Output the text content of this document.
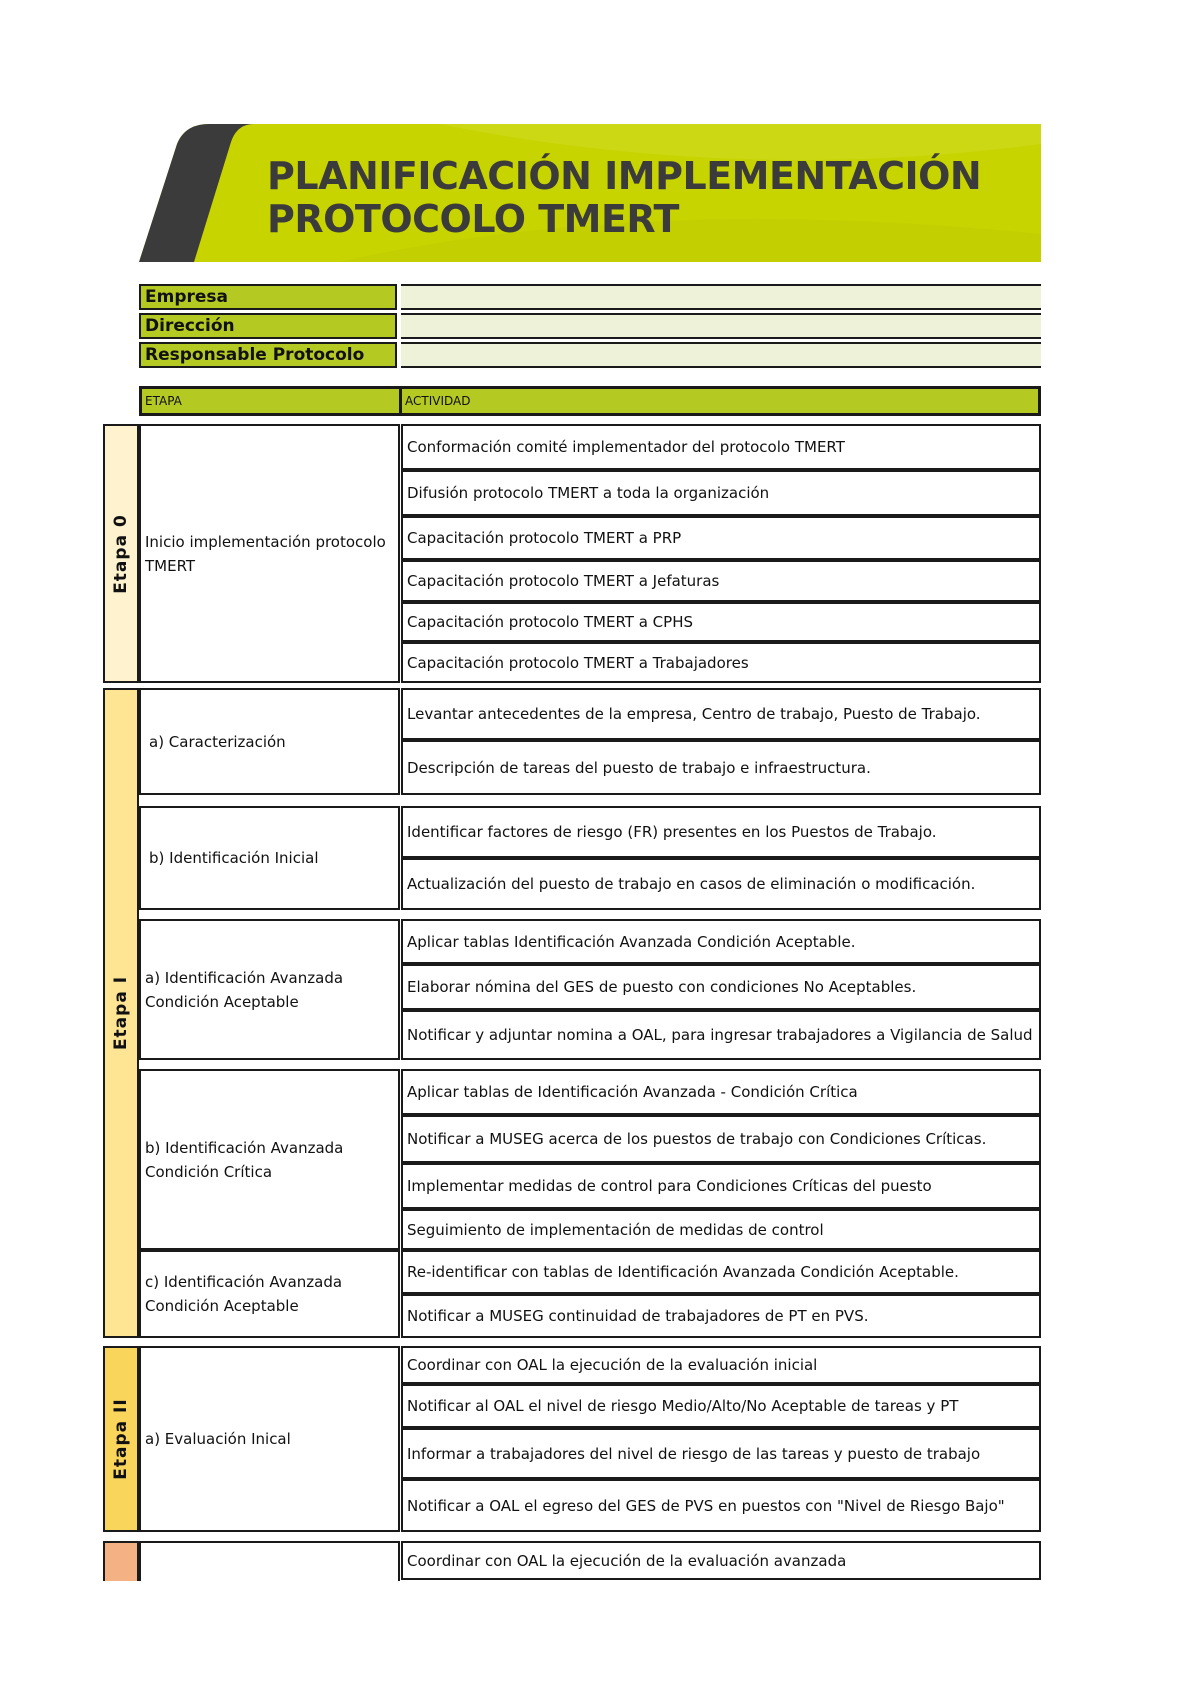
PLANIFICACIÓN IMPLEMENTACIÓN
PROTOCOLO TMERT
Empresa
Dirección
Responsable Protocolo
ETAPA	ACTIVIDAD
Etapa 0
Etapa I
Etapa II
Inicio implementación protocolo TMERT
a) Caracterización
b) Identificación Inicial
a) Identificación Avanzada Condición Aceptable
b) Identificación Avanzada Condición Crítica
c) Identificación Avanzada Condición Aceptable
a) Evaluación Inical
Conformación comité implementador del protocolo TMERT
Difusión protocolo TMERT a toda la organización
Capacitación protocolo TMERT a PRP
Capacitación protocolo TMERT a Jefaturas
Capacitación protocolo TMERT a CPHS
Capacitación protocolo TMERT a Trabajadores
Levantar antecedentes de la empresa, Centro de trabajo, Puesto de Trabajo.
Descripción de tareas del puesto de trabajo e infraestructura.
Identificar factores de riesgo (FR) presentes en los Puestos de Trabajo.
Actualización del puesto de trabajo en casos de eliminación o modificación.
Aplicar tablas Identificación Avanzada Condición Aceptable.
Elaborar nómina del GES de puesto con condiciones No Aceptables.
Notificar y adjuntar nomina a OAL, para ingresar trabajadores a Vigilancia de Salud
Aplicar tablas de Identificación Avanzada - Condición Crítica
Notificar a MUSEG acerca de los puestos de trabajo con Condiciones Críticas.
Implementar medidas de control para Condiciones Críticas del puesto
Seguimiento de implementación de medidas de control
Re-identificar con tablas de Identificación Avanzada Condición Aceptable.
Notificar a MUSEG continuidad de trabajadores de PT en PVS.
Coordinar con OAL la ejecución de la evaluación inicial
Notificar al OAL el nivel de riesgo Medio/Alto/No Aceptable de tareas y PT
Informar a trabajadores del nivel de riesgo de las tareas y puesto de trabajo
Notificar a OAL el egreso del GES de PVS en puestos con "Nivel de Riesgo Bajo"
Coordinar con OAL la ejecución de la evaluación avanzada
